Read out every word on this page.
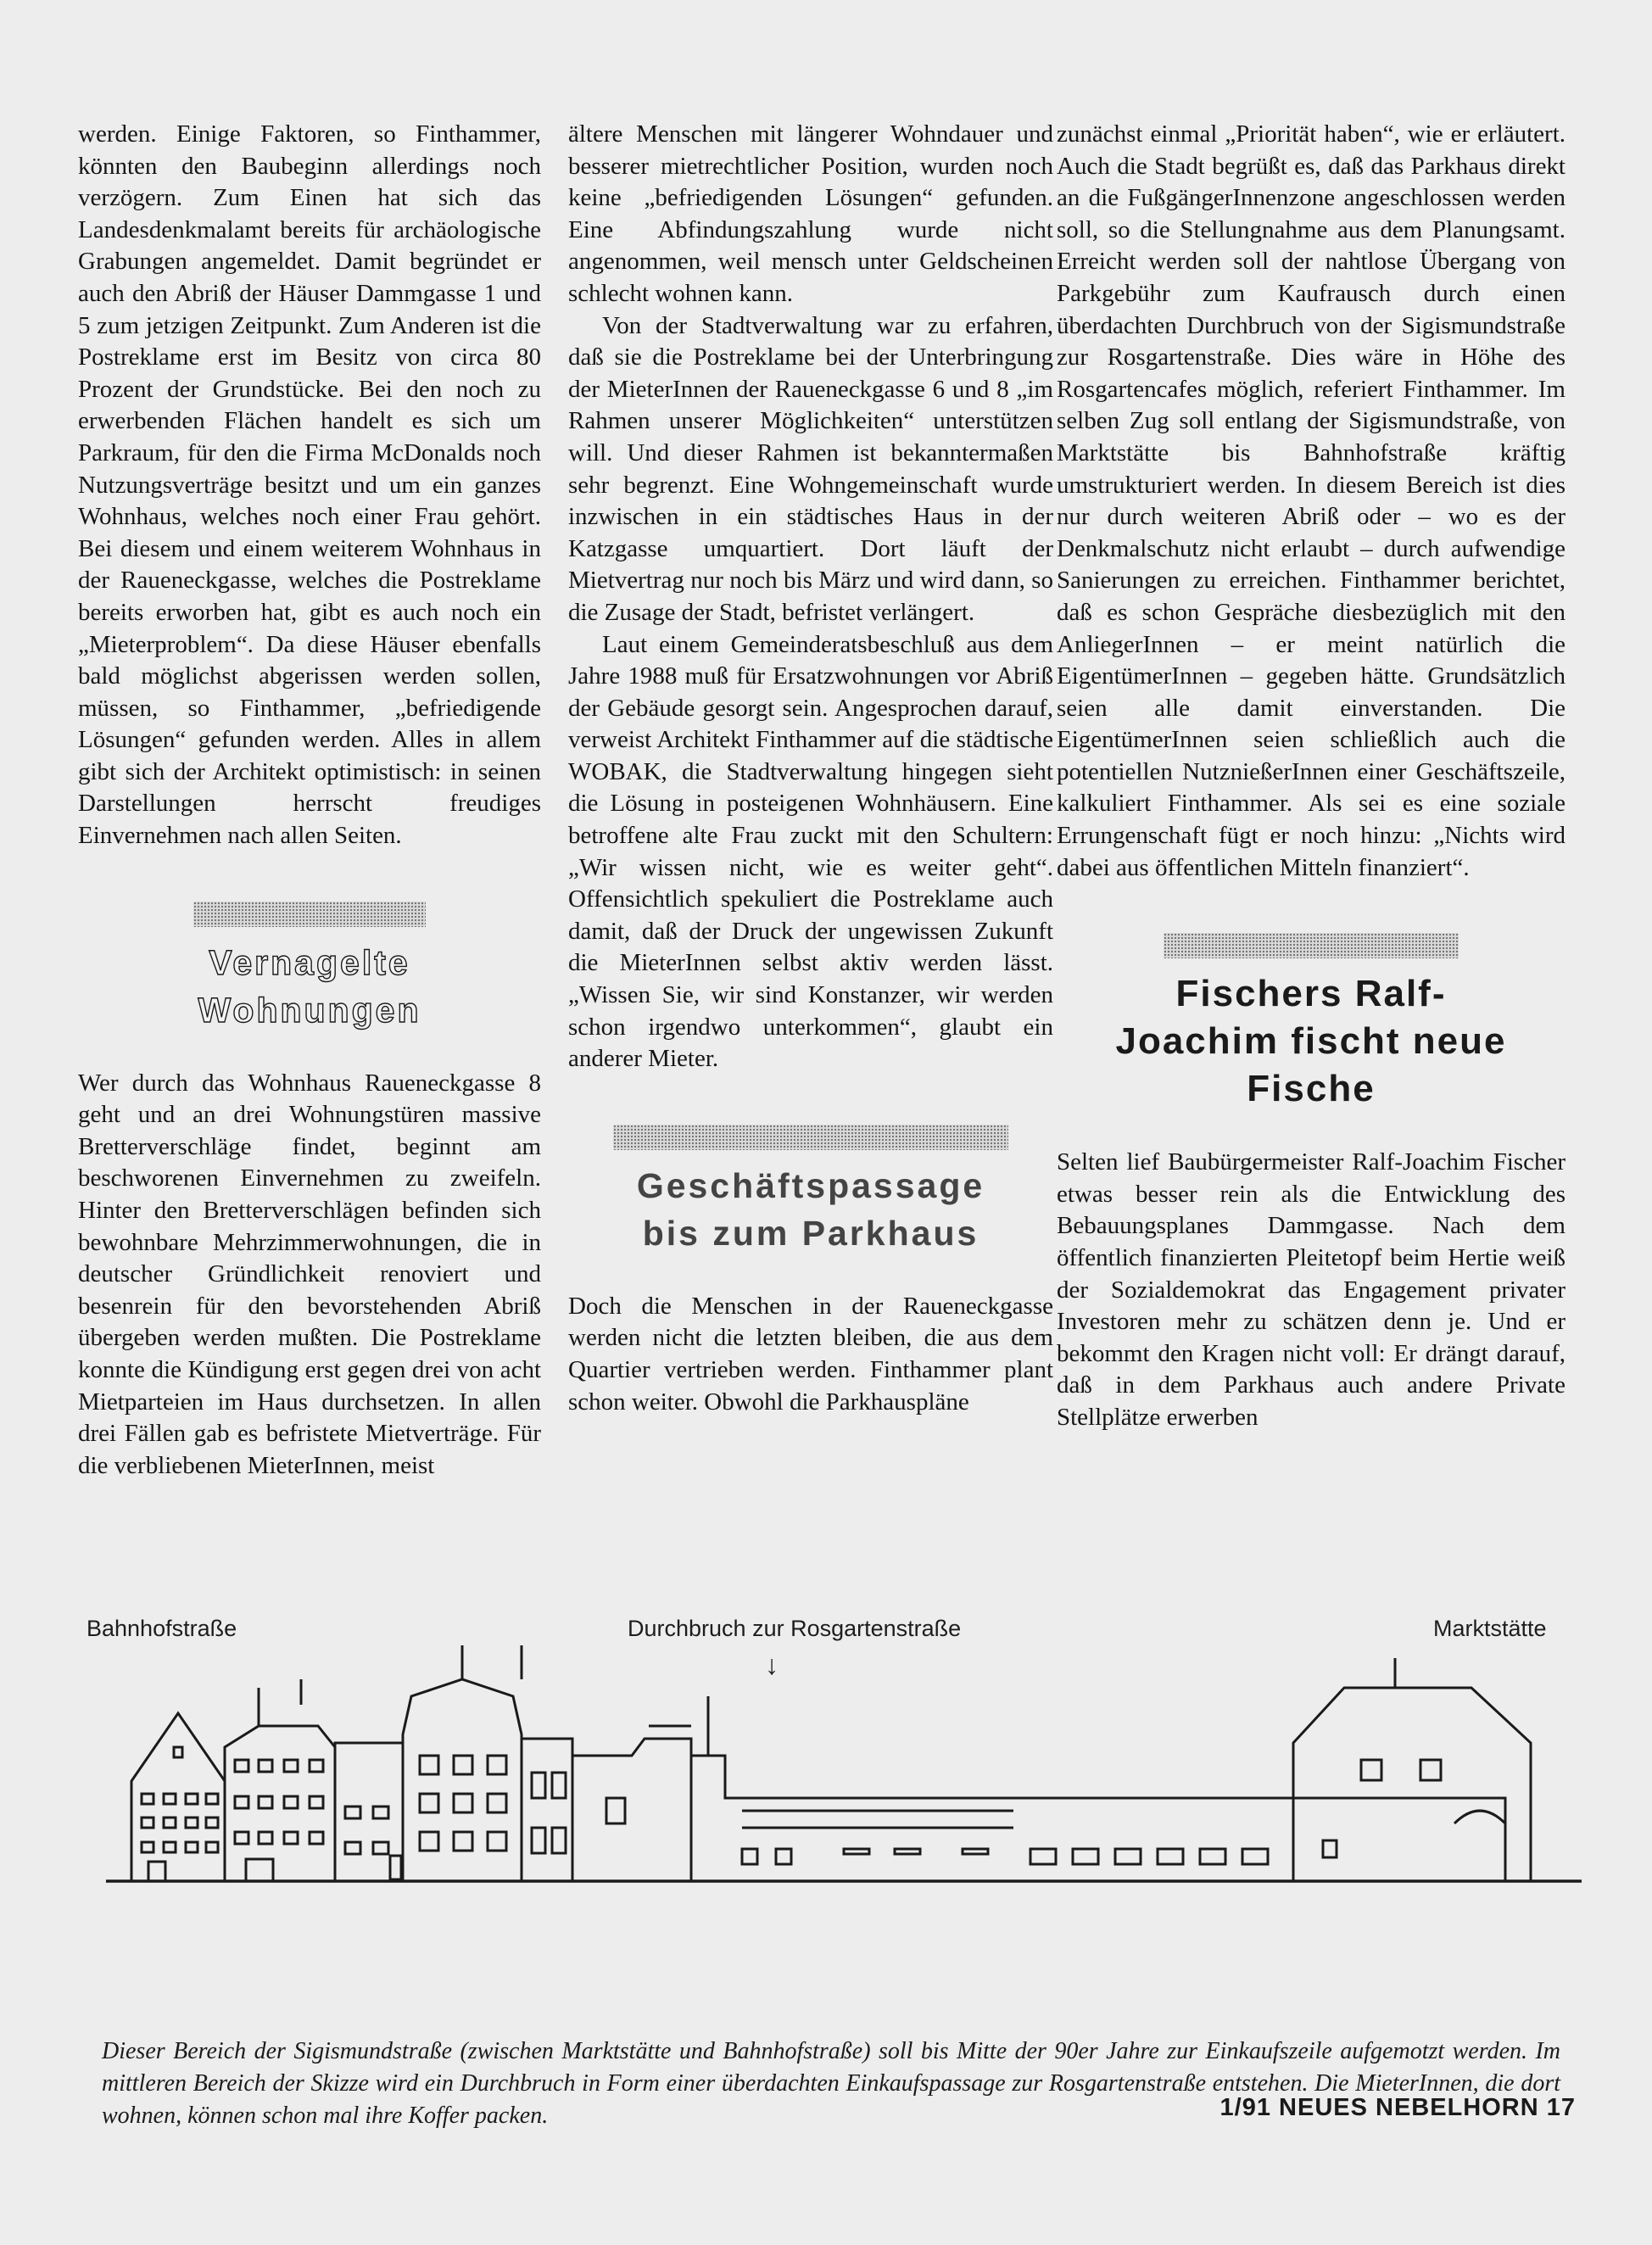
werden. Einige Faktoren, so Finthammer, könnten den Baubeginn allerdings noch verzögern. Zum Einen hat sich das Landesdenkmalamt bereits für archäologische Grabungen angemeldet. Damit begründet er auch den Abriß der Häuser Dammgasse 1 und 5 zum jetzigen Zeitpunkt. Zum Anderen ist die Postreklame erst im Besitz von circa 80 Prozent der Grundstücke. Bei den noch zu erwerbenden Flächen handelt es sich um Parkraum, für den die Firma McDonalds noch Nutzungsverträge besitzt und um ein ganzes Wohnhaus, welches noch einer Frau gehört. Bei diesem und einem weiterem Wohnhaus in der Raueneckgasse, welches die Postreklame bereits erworben hat, gibt es auch noch ein „Mieterproblem“. Da diese Häuser ebenfalls bald möglichst abgerissen werden sollen, müssen, so Finthammer, „befriedigende Lösungen“ gefunden werden. Alles in allem gibt sich der Architekt optimistisch: in seinen Darstellungen herrscht freudiges Einvernehmen nach allen Seiten.

Vernagelte

Wohnungen

Wer durch das Wohnhaus Raueneckgasse 8 geht und an drei Wohnungstüren massive Bretterverschläge findet, beginnt am beschworenen Einvernehmen zu zweifeln. Hinter den Bretterverschlägen befinden sich bewohnbare Mehrzimmerwohnungen, die in deutscher Gründlichkeit renoviert und besenrein für den bevorstehenden Abriß übergeben werden mußten. Die Postreklame konnte die Kündigung erst gegen drei von acht Mietparteien im Haus durchsetzen. In allen drei Fällen gab es befristete Mietverträge. Für die verbliebenen MieterInnen, meist

ältere Menschen mit längerer Wohndauer und besserer mietrechtlicher Position, wurden noch keine „befriedigenden Lösungen“ gefunden. Eine Abfindungszahlung wurde nicht angenommen, weil mensch unter Geldscheinen schlecht wohnen kann.

Von der Stadtverwaltung war zu erfahren, daß sie die Postreklame bei der Unterbringung der MieterInnen der Raueneckgasse 6 und 8 „im Rahmen unserer Möglichkeiten“ unterstützen will. Und dieser Rahmen ist bekanntermaßen sehr begrenzt. Eine Wohngemeinschaft wurde inzwischen in ein städtisches Haus in der Katzgasse umquartiert. Dort läuft der Mietvertrag nur noch bis März und wird dann, so die Zusage der Stadt, befristet verlängert.

Laut einem Gemeinderatsbeschluß aus dem Jahre 1988 muß für Ersatzwohnungen vor Abriß der Gebäude gesorgt sein. Angesprochen darauf, verweist Architekt Finthammer auf die städtische WOBAK, die Stadtverwaltung hingegen sieht die Lösung in posteigenen Wohnhäusern. Eine betroffene alte Frau zuckt mit den Schultern: „Wir wissen nicht, wie es weiter geht“. Offensichtlich spekuliert die Postreklame auch damit, daß der Druck der ungewissen Zukunft die MieterInnen selbst aktiv werden lässt. „Wissen Sie, wir sind Konstanzer, wir werden schon irgendwo unterkommen“, glaubt ein anderer Mieter.

Geschäftspassage

bis zum Parkhaus

Doch die Menschen in der Raueneckgasse werden nicht die letzten bleiben, die aus dem Quartier vertrieben werden. Finthammer plant schon weiter. Obwohl die Parkhauspläne

zunächst einmal „Priorität haben“, wie er erläutert. Auch die Stadt begrüßt es, daß das Parkhaus direkt an die FußgängerInnenzone angeschlossen werden soll, so die Stellungnahme aus dem Planungsamt. Erreicht werden soll der nahtlose Übergang von Parkgebühr zum Kaufrausch durch einen überdachten Durchbruch von der Sigismundstraße zur Rosgartenstraße. Dies wäre in Höhe des Rosgartencafes möglich, referiert Finthammer. Im selben Zug soll entlang der Sigismundstraße, von Marktstätte bis Bahnhofstraße kräftig umstrukturiert werden. In diesem Bereich ist dies nur durch weiteren Abriß oder – wo es der Denkmalschutz nicht erlaubt – durch aufwendige Sanierungen zu erreichen. Finthammer berichtet, daß es schon Gespräche diesbezüglich mit den AnliegerInnen – er meint natürlich die EigentümerInnen – gegeben hätte. Grundsätzlich seien alle damit einverstanden. Die EigentümerInnen seien schließlich auch die potentiellen NutznießerInnen einer Geschäftszeile, kalkuliert Finthammer. Als sei es eine soziale Errungenschaft fügt er noch hinzu: „Nichts wird dabei aus öffentlichen Mitteln finanziert“.

Fischers Ralf-

Joachim fischt neue

Fische

Selten lief Baubürgermeister Ralf-Joachim Fischer etwas besser rein als die Entwicklung des Bebauungsplanes Dammgasse. Nach dem öffentlich finanzierten Pleitetopf beim Hertie weiß der Sozialdemokrat das Engagement privater Investoren mehr zu schätzen denn je. Und er bekommt den Kragen nicht voll: Er drängt darauf, daß in dem Parkhaus auch andere Private Stellplätze erwerben

Bahnhofstraße	Durchbruch zur Rosgartenstraße	Marktstätte
↓

Dieser Bereich der Sigismundstraße (zwischen Marktstätte und Bahnhofstraße) soll bis Mitte der 90er Jahre zur Einkaufszeile aufgemotzt werden. Im mittleren Bereich der Skizze wird ein Durchbruch in Form einer überdachten Einkaufspassage zur Rosgartenstraße entstehen. Die MieterInnen, die dort wohnen, können schon mal ihre Koffer packen.	1/91 NEUES NEBELHORN 17
